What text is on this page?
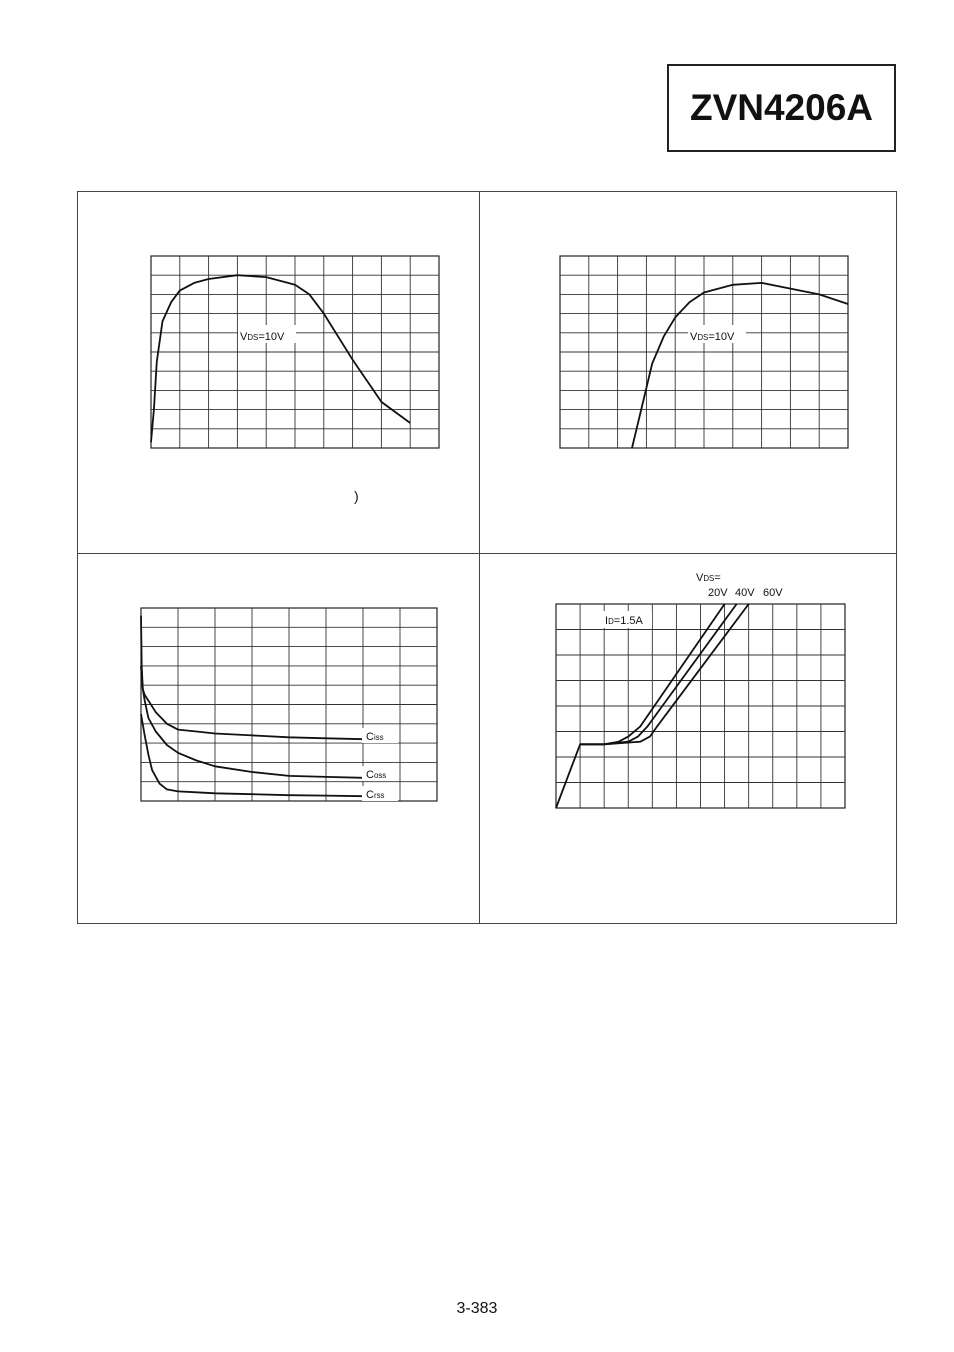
ZVN4206A
)
VDS=10V	VDS=10V
Ciss
Coss
Crss
ID=1.5A
VDS=
20V 40V 60V
3-383
